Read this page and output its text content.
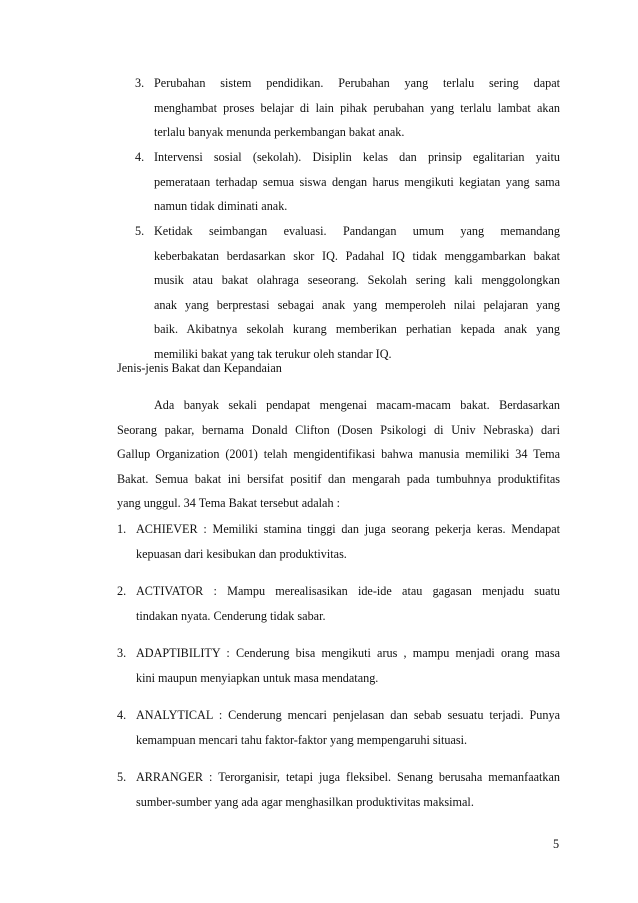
3. Perubahan sistem pendidikan. Perubahan yang terlalu sering dapat
menghambat proses belajar di lain pihak perubahan yang terlalu lambat akan
terlalu banyak menunda perkembangan bakat anak.
4. Intervensi sosial (sekolah). Disiplin kelas dan prinsip egalitarian yaitu
pemerataan terhadap semua siswa dengan harus mengikuti kegiatan yang sama
namun tidak diminati anak.
5. Ketidak seimbangan evaluasi. Pandangan umum yang memandang
keberbakatan berdasarkan skor IQ. Padahal IQ tidak menggambarkan bakat
musik atau bakat olahraga seseorang. Sekolah sering kali menggolongkan
anak yang berprestasi sebagai anak yang memperoleh nilai pelajaran yang
baik. Akibatnya sekolah kurang memberikan perhatian kepada anak yang
memiliki bakat yang tak terukur oleh standar IQ.
Jenis-jenis Bakat dan Kepandaian
Ada banyak sekali pendapat mengenai macam-macam bakat. Berdasarkan
Seorang pakar, bernama Donald Clifton (Dosen Psikologi di Univ Nebraska) dari
Gallup Organization (2001) telah mengidentifikasi bahwa manusia memiliki 34 Tema
Bakat. Semua bakat ini bersifat positif dan mengarah pada tumbuhnya produktifitas
yang unggul. 34 Tema Bakat tersebut adalah :
1. ACHIEVER : Memiliki stamina tinggi dan juga seorang pekerja keras. Mendapat
kepuasan dari kesibukan dan produktivitas.
2. ACTIVATOR : Mampu merealisasikan ide-ide atau gagasan menjadu suatu
tindakan nyata. Cenderung tidak sabar.
3. ADAPTIBILITY : Cenderung bisa mengikuti arus , mampu menjadi orang masa
kini maupun menyiapkan untuk masa mendatang.
4. ANALYTICAL : Cenderung mencari penjelasan dan sebab sesuatu terjadi. Punya
kemampuan mencari tahu faktor-faktor yang mempengaruhi situasi.
5. ARRANGER : Terorganisir, tetapi juga fleksibel. Senang berusaha memanfaatkan
sumber-sumber yang ada agar menghasilkan produktivitas maksimal.
5
